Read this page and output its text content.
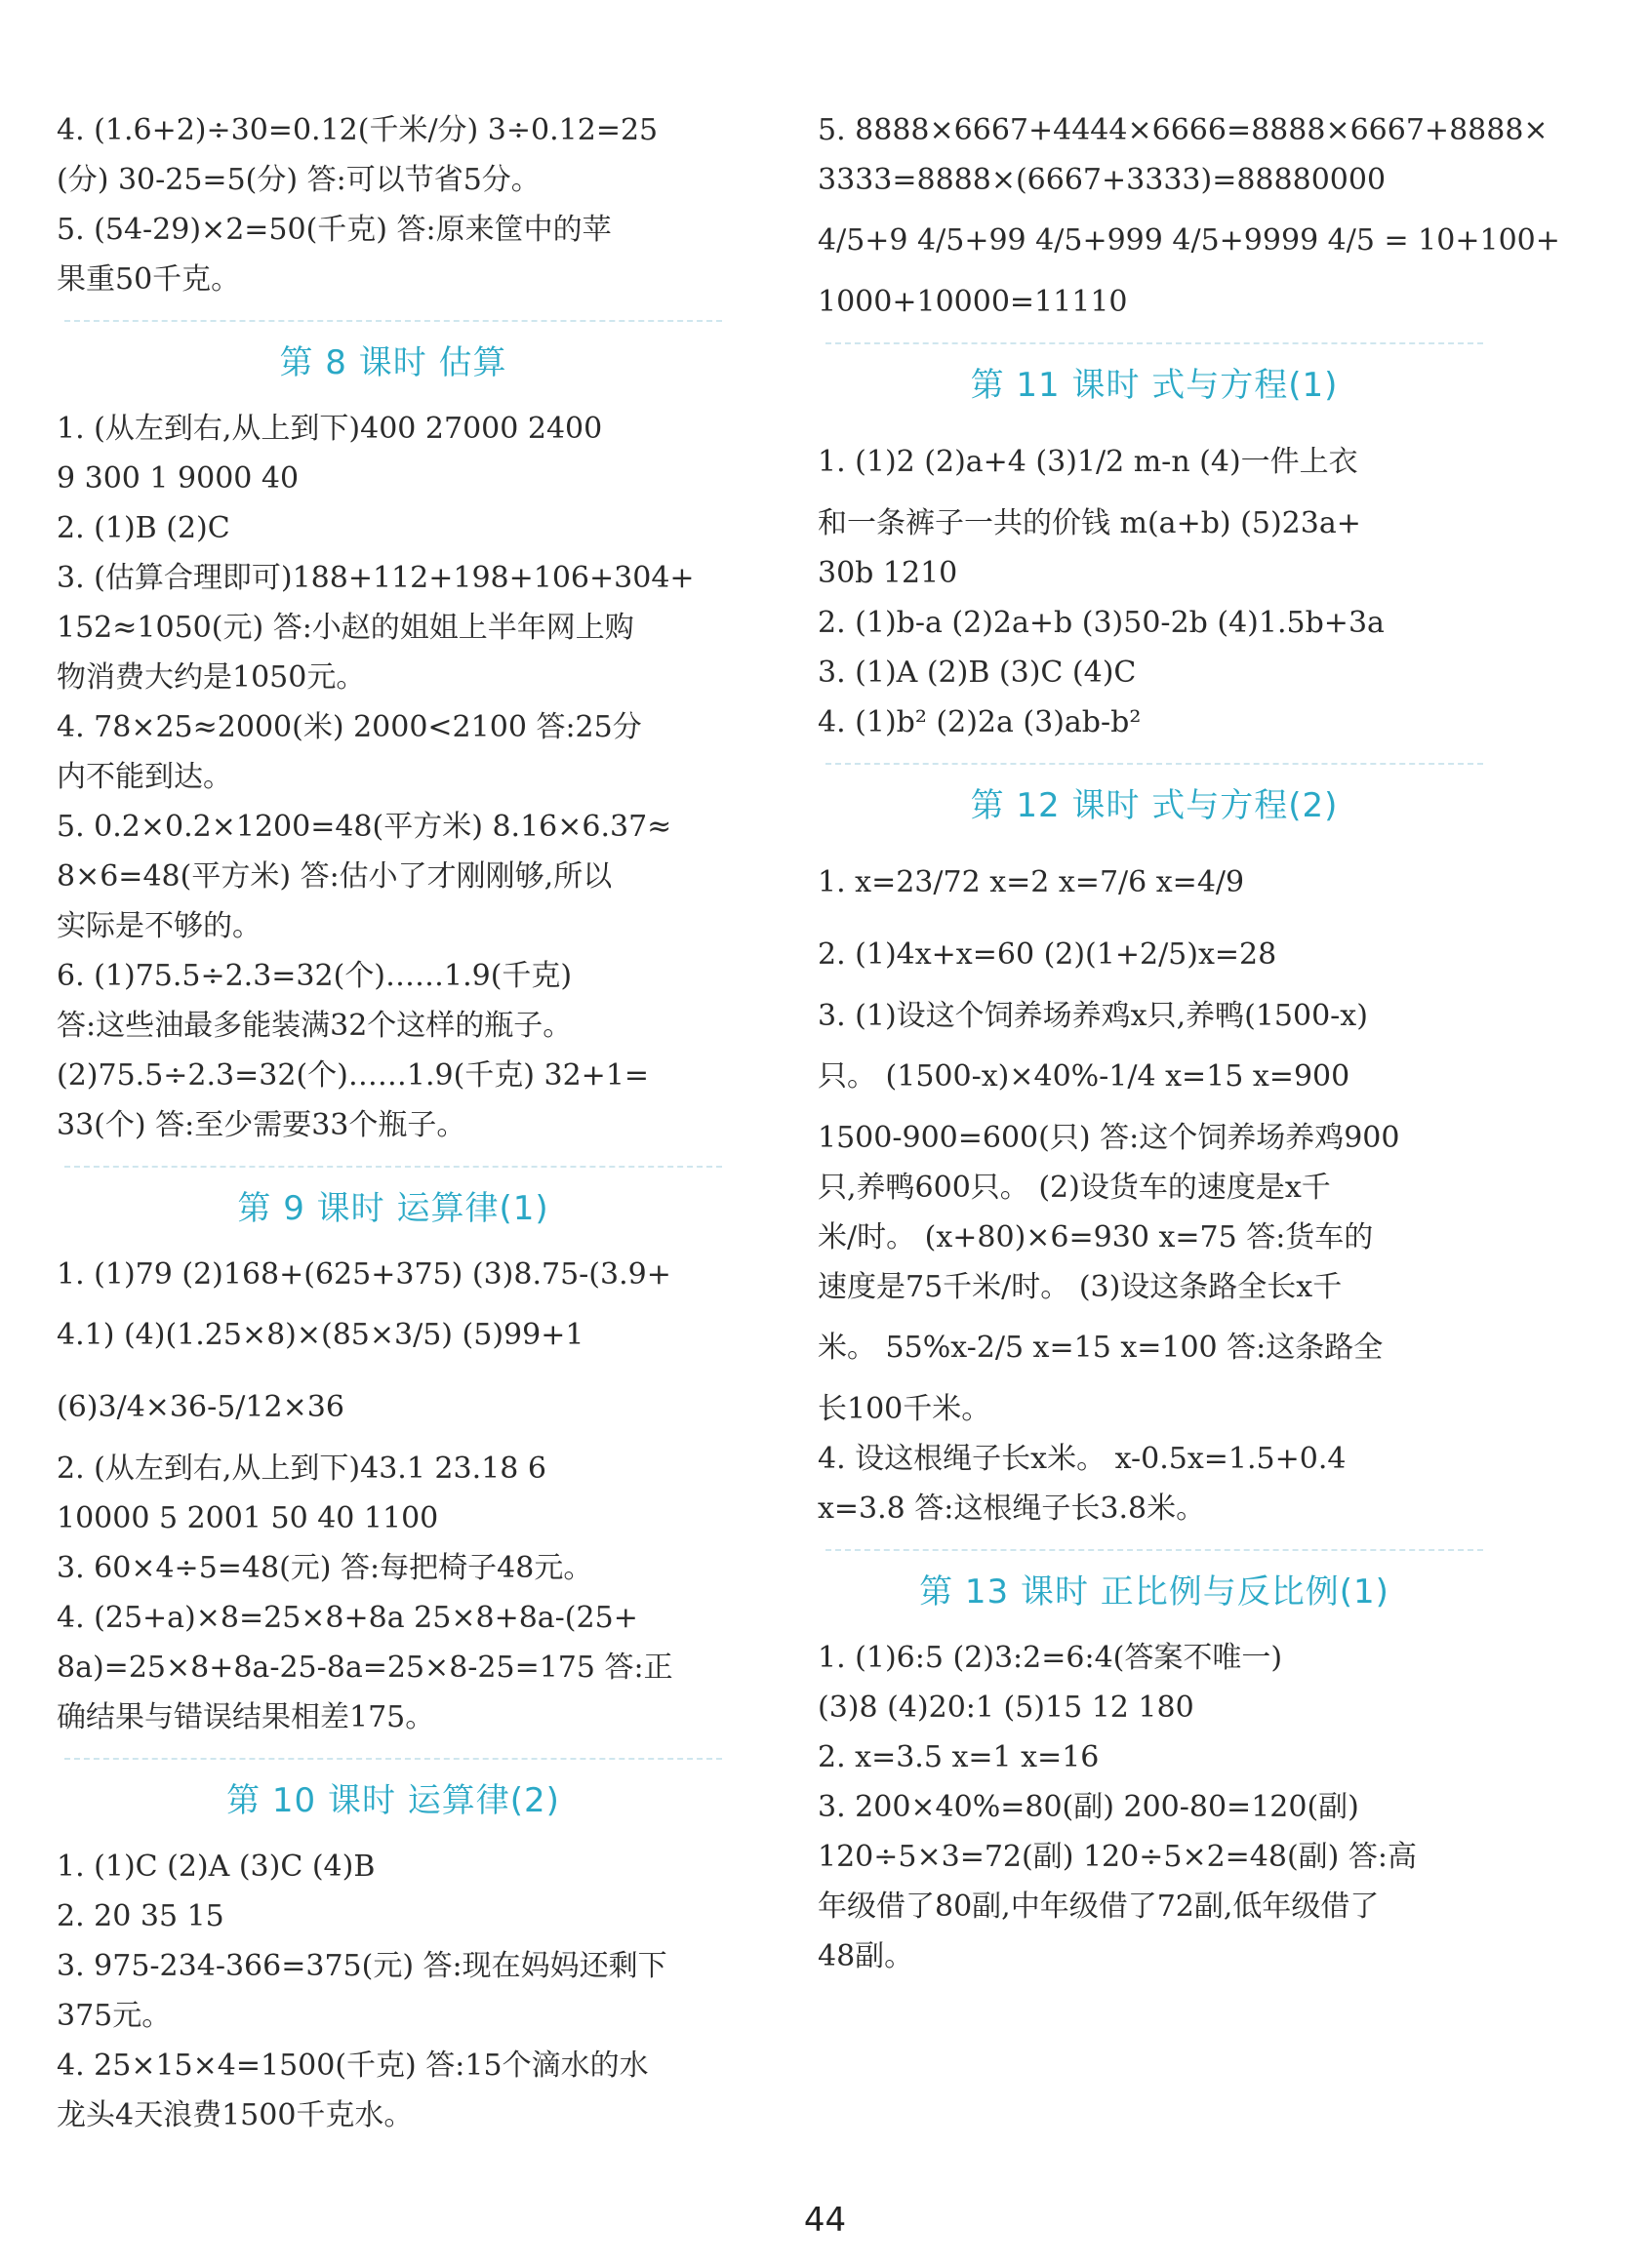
4. (1.6+2)÷30=0.12(千米/分) 3÷0.12=25
(分) 30-25=5(分) 答:可以节省5分。
5. (54-29)×2=50(千克) 答:原来筐中的苹
果重50千克。
第 8 课时 估算
1. (从左到右,从上到下)400 27000 2400
9 300 1 9000 40
2. (1)B (2)C
3. (估算合理即可)188+112+198+106+304+
152≈1050(元) 答:小赵的姐姐上半年网上购
物消费大约是1050元。
4. 78×25≈2000(米) 2000<2100 答:25分
内不能到达。
5. 0.2×0.2×1200=48(平方米) 8.16×6.37≈
8×6=48(平方米) 答:估小了才刚刚够,所以
实际是不够的。
6. (1)75.5÷2.3=32(个)……1.9(千克)
答:这些油最多能装满32个这样的瓶子。
(2)75.5÷2.3=32(个)……1.9(千克) 32+1=
33(个) 答:至少需要33个瓶子。
第 9 课时 运算律(1)
1. (1)79 (2)168+(625+375) (3)8.75-(3.9+
4.1) (4)(1.25×8)×(85×3/5) (5)99+1
(6)3/4×36-5/12×36
2. (从左到右,从上到下)43.1 23.18 6
10000 5 2001 50 40 1100
3. 60×4÷5=48(元) 答:每把椅子48元。
4. (25+a)×8=25×8+8a 25×8+8a-(25+
8a)=25×8+8a-25-8a=25×8-25=175 答:正
确结果与错误结果相差175。
第 10 课时 运算律(2)
1. (1)C (2)A (3)C (4)B
2. 20 35 15
3. 975-234-366=375(元) 答:现在妈妈还剩下
375元。
4. 25×15×4=1500(千克) 答:15个滴水的水
龙头4天浪费1500千克水。
5. 8888×6667+4444×6666=8888×6667+8888×
3333=8888×(6667+3333)=88880000
4/5+9 4/5+99 4/5+999 4/5+9999 4/5 = 10+100+
1000+10000=11110
第 11 课时 式与方程(1)
1. (1)2 (2)a+4 (3)1/2 m-n (4)一件上衣
和一条裤子一共的价钱 m(a+b) (5)23a+
30b 1210
2. (1)b-a (2)2a+b (3)50-2b (4)1.5b+3a
3. (1)A (2)B (3)C (4)C
4. (1)b² (2)2a (3)ab-b²
第 12 课时 式与方程(2)
1. x=23/72 x=2 x=7/6 x=4/9
2. (1)4x+x=60 (2)(1+2/5)x=28
3. (1)设这个饲养场养鸡x只,养鸭(1500-x)
只。 (1500-x)×40%-1/4 x=15 x=900
1500-900=600(只) 答:这个饲养场养鸡900
只,养鸭600只。 (2)设货车的速度是x千
米/时。 (x+80)×6=930 x=75 答:货车的
速度是75千米/时。 (3)设这条路全长x千
米。 55%x-2/5 x=15 x=100 答:这条路全
长100千米。
4. 设这根绳子长x米。 x-0.5x=1.5+0.4
x=3.8 答:这根绳子长3.8米。
第 13 课时 正比例与反比例(1)
1. (1)6:5 (2)3:2=6:4(答案不唯一)
(3)8 (4)20:1 (5)15 12 180
2. x=3.5 x=1 x=16
3. 200×40%=80(副) 200-80=120(副)
120÷5×3=72(副) 120÷5×2=48(副) 答:高
年级借了80副,中年级借了72副,低年级借了
48副。
44
